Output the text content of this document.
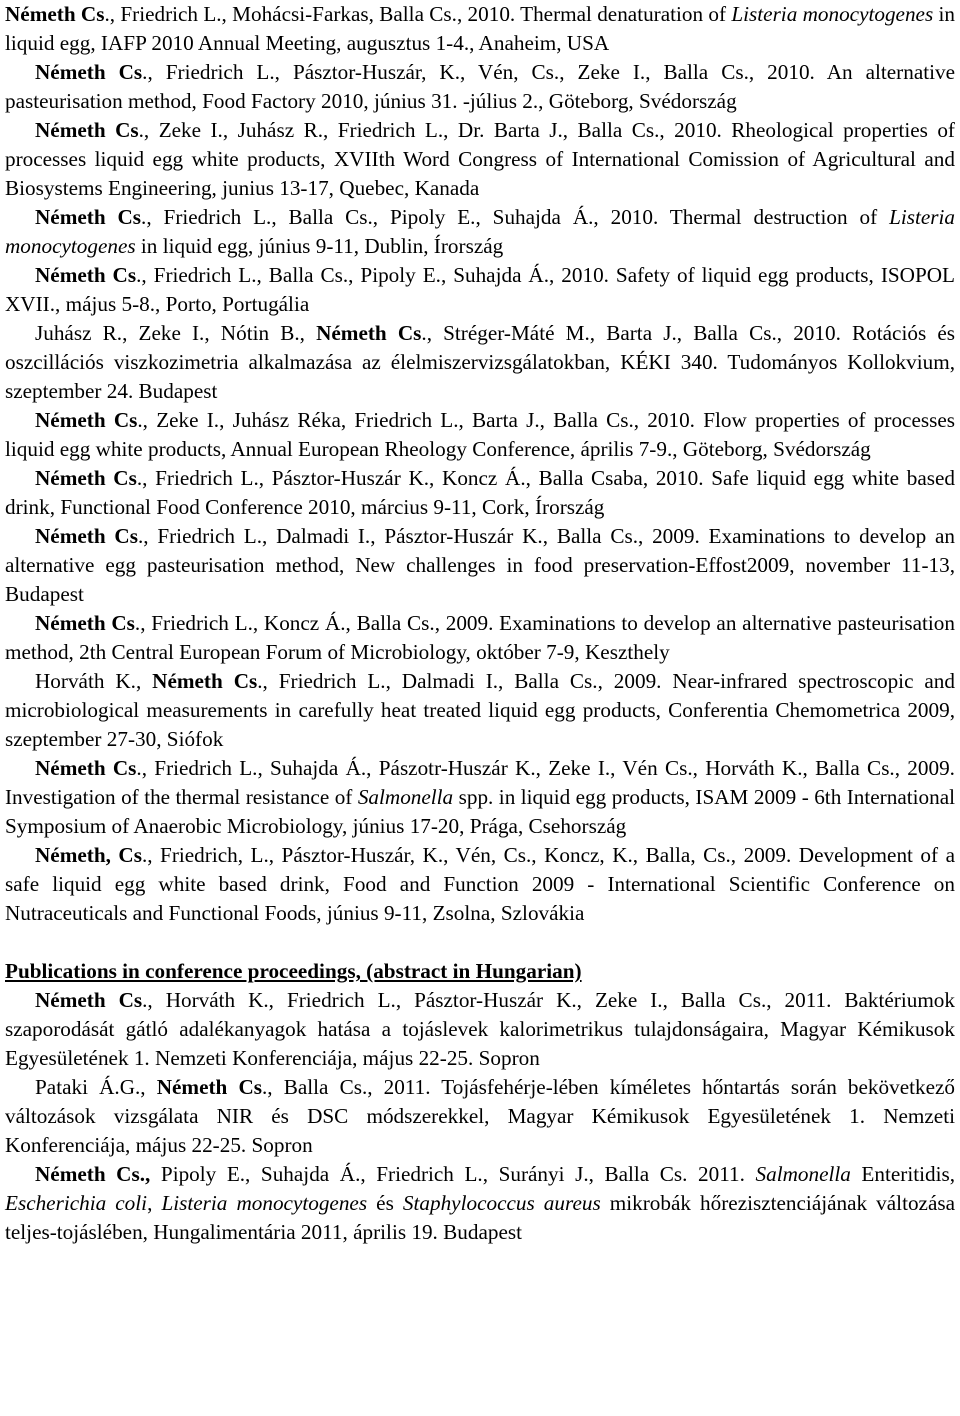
Németh Cs., Friedrich L., Mohácsi-Farkas, Balla Cs., 2010. Thermal denaturation of Listeria monocytogenes in liquid egg, IAFP 2010 Annual Meeting, augusztus 1-4., Anaheim, USA

Németh Cs., Friedrich L., Pásztor-Huszár, K., Vén, Cs., Zeke I., Balla Cs., 2010. An alternative pasteurisation method, Food Factory 2010, június 31. -július 2., Göteborg, Svédország

Németh Cs., Zeke I., Juhász R., Friedrich L., Dr. Barta J., Balla Cs., 2010. Rheological properties of processes liquid egg white products, XVIIth Word Congress of International Comission of Agricultural and Biosystems Engineering, junius 13-17, Quebec, Kanada

Németh Cs., Friedrich L., Balla Cs., Pipoly E., Suhajda Á., 2010. Thermal destruction of Listeria monocytogenes in liquid egg, június 9-11, Dublin, Írország

Németh Cs., Friedrich L., Balla Cs., Pipoly E., Suhajda Á., 2010. Safety of liquid egg products, ISOPOL XVII., május 5-8., Porto, Portugália

Juhász R., Zeke I., Nótin B., Németh Cs., Stréger-Máté M., Barta J., Balla Cs., 2010. Rotációs és oszcillációs viszkozimetria alkalmazása az élelmiszervizsgálatokban, KÉKI 340. Tudományos Kollokvium, szeptember 24. Budapest

Németh Cs., Zeke I., Juhász Réka, Friedrich L., Barta J., Balla Cs., 2010. Flow properties of processes liquid egg white products, Annual European Rheology Conference, április 7-9., Göteborg, Svédország

Németh Cs., Friedrich L., Pásztor-Huszár K., Koncz Á., Balla Csaba, 2010. Safe liquid egg white based drink, Functional Food Conference 2010, március 9-11, Cork, Írország

Németh Cs., Friedrich L., Dalmadi I., Pásztor-Huszár K., Balla Cs., 2009. Examinations to develop an alternative egg pasteurisation method, New challenges in food preservation-Effost2009, november 11-13, Budapest

Németh Cs., Friedrich L., Koncz Á., Balla Cs., 2009. Examinations to develop an alternative pasteurisation method, 2th Central European Forum of Microbiology, október 7-9, Keszthely

Horváth K., Németh Cs., Friedrich L., Dalmadi I., Balla Cs., 2009. Near-infrared spectroscopic and microbiological measurements in carefully heat treated liquid egg products, Conferentia Chemometrica 2009, szeptember 27-30, Siófok

Németh Cs., Friedrich L., Suhajda Á., Pászotr-Huszár K., Zeke I., Vén Cs., Horváth K., Balla Cs., 2009. Investigation of the thermal resistance of Salmonella spp. in liquid egg products, ISAM 2009 - 6th International Symposium of Anaerobic Microbiology, június 17-20, Prága, Csehország

Németh, Cs., Friedrich, L., Pásztor-Huszár, K., Vén, Cs., Koncz, K., Balla, Cs., 2009. Development of a safe liquid egg white based drink, Food and Function 2009 - International Scientific Conference on Nutraceuticals and Functional Foods, június 9-11, Zsolna, Szlovákia

Publications in conference proceedings, (abstract in Hungarian)

Németh Cs., Horváth K., Friedrich L., Pásztor-Huszár K., Zeke I., Balla Cs., 2011. Baktériumok szaporodását gátló adalékanyagok hatása a tojáslevek kalorimetrikus tulajdonságaira, Magyar Kémikusok Egyesületének 1. Nemzeti Konferenciája, május 22-25. Sopron

Pataki Á.G., Németh Cs., Balla Cs., 2011. Tojásfehérje-lében kíméletes hőntartás során bekövetkező változások vizsgálata NIR és DSC módszerekkel, Magyar Kémikusok Egyesületének 1. Nemzeti Konferenciája, május 22-25. Sopron

Németh Cs., Pipoly E., Suhajda Á., Friedrich L., Surányi J., Balla Cs. 2011. Salmonella Enteritidis, Escherichia coli, Listeria monocytogenes és Staphylococcus aureus mikrobák hőrezisztenciájának változása teljes-tojáslében, Hungalimentária 2011, április 19. Budapest
